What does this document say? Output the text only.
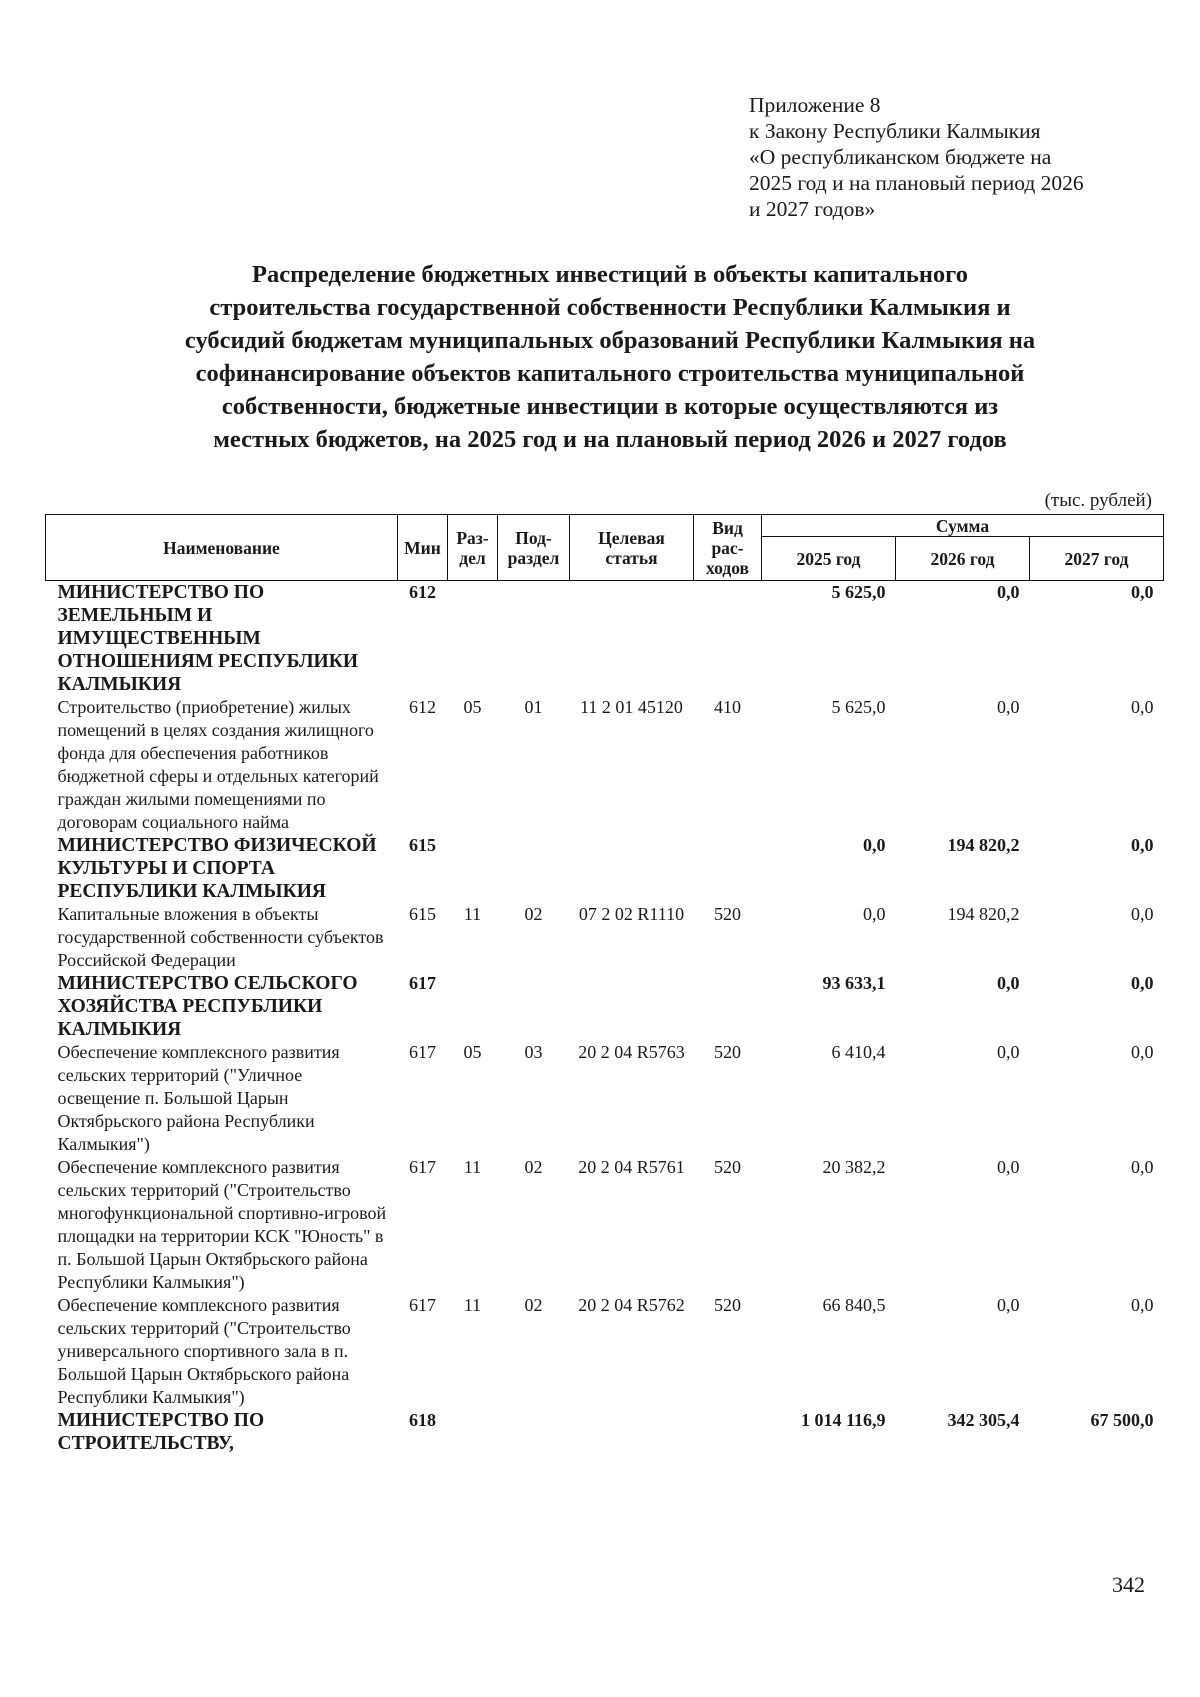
Приложение 8
к Закону Республики Калмыкия
«О республиканском бюджете на
2025 год и на плановый период 2026
и 2027 годов»
Распределение бюджетных инвестиций в объекты капитального
строительства государственной собственности Республики Калмыкия и
субсидий бюджетам муниципальных образований Республики Калмыкия на
софинансирование объектов капитального строительства муниципальной
собственности, бюджетные инвестиции в которые осуществляются из
местных бюджетов, на 2025 год и на плановый период 2026 и 2027 годов
(тыс. рублей)
Наименование	Мин	Раз-дел	Под-раздел	Целевая статья	Вид рас-ходов	Сумма		
						2025 год	2026 год	2027 год
МИНИСТЕРСТВО ПО ЗЕМЕЛЬНЫМ И ИМУЩЕСТВЕННЫМ ОТНОШЕНИЯМ РЕСПУБЛИКИ КАЛМЫКИЯ	612					5 625,0	0,0	0,0
Строительство (приобретение) жилых помещений в целях создания жилищного фонда для обеспечения работников бюджетной сферы и отдельных категорий граждан жилыми помещениями по договорам социального найма	612	05	01	11 2 01 45120	410	5 625,0	0,0	0,0
МИНИСТЕРСТВО ФИЗИЧЕСКОЙ КУЛЬТУРЫ И СПОРТА РЕСПУБЛИКИ КАЛМЫКИЯ	615					0,0	194 820,2	0,0
Капитальные вложения в объекты государственной собственности субъектов Российской Федерации	615	11	02	07 2 02 R1110	520	0,0	194 820,2	0,0
МИНИСТЕРСТВО СЕЛЬСКОГО ХОЗЯЙСТВА РЕСПУБЛИКИ КАЛМЫКИЯ	617					93 633,1	0,0	0,0
Обеспечение комплексного развития сельских территорий ("Уличное освещение п. Большой Царын Октябрьского района Республики Калмыкия")	617	05	03	20 2 04 R5763	520	6 410,4	0,0	0,0
Обеспечение комплексного развития сельских территорий ("Строительство многофункциональной спортивно-игровой площадки на территории КСК "Юность" в п. Большой Царын Октябрьского района Республики Калмыкия")	617	11	02	20 2 04 R5761	520	20 382,2	0,0	0,0
Обеспечение комплексного развития сельских территорий ("Строительство универсального спортивного зала в п. Большой Царын Октябрьского района Республики Калмыкия")	617	11	02	20 2 04 R5762	520	66 840,5	0,0	0,0
МИНИСТЕРСТВО ПО СТРОИТЕЛЬСТВУ,	618					1 014 116,9	342 305,4	67 500,0
342
